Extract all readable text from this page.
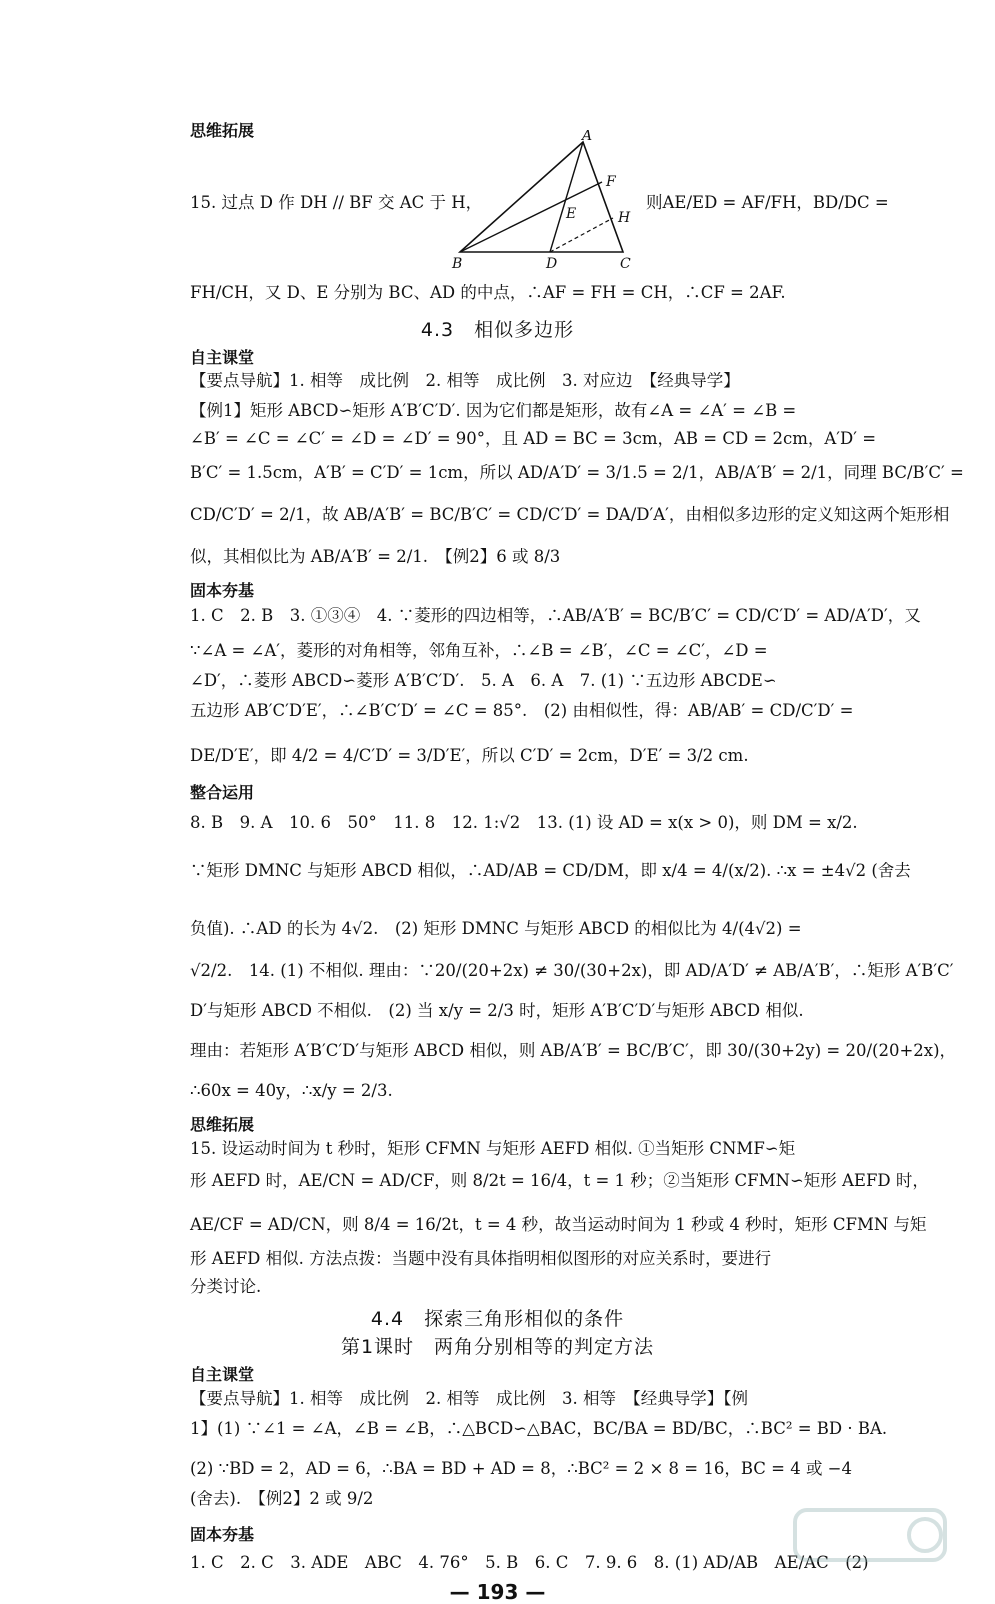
思维拓展
15. 过点 D 作 DH // BF 交 AC 于 H，	则AE/ED = AF/FH，BD/DC =
A
F
E	H
B	D	C
FH/CH，又 D、E 分别为 BC、AD 的中点，∴AF = FH = CH，∴CF = 2AF.
4.3　相似多边形
自主课堂
【要点导航】1. 相等　成比例　2. 相等　成比例　3. 对应边　【经典导学】
【例1】矩形 ABCD∽矩形 A′B′C′D′. 因为它们都是矩形，故有∠A = ∠A′ = ∠B =
∠B′ = ∠C = ∠C′ = ∠D = ∠D′ = 90°，且 AD = BC = 3cm，AB = CD = 2cm，A′D′ =
B′C′ = 1.5cm，A′B′ = C′D′ = 1cm，所以 AD/A′D′ = 3/1.5 = 2/1，AB/A′B′ = 2/1，同理 BC/B′C′ =
CD/C′D′ = 2/1，故 AB/A′B′ = BC/B′C′ = CD/C′D′ = DA/D′A′，由相似多边形的定义知这两个矩形相
似，其相似比为 AB/A′B′ = 2/1.　【例2】6 或 8/3
固本夯基
1. C　2. B　3. ①③④　4. ∵菱形的四边相等，∴AB/A′B′ = BC/B′C′ = CD/C′D′ = AD/A′D′，又
∵∠A = ∠A′，菱形的对角相等，邻角互补，∴∠B = ∠B′，∠C = ∠C′，∠D =
∠D′，∴菱形 ABCD∽菱形 A′B′C′D′.　5. A　6. A　7. (1) ∵五边形 ABCDE∽
五边形 AB′C′D′E′，∴∠B′C′D′ = ∠C = 85°.　(2) 由相似性，得：AB/AB′ = CD/C′D′ =
DE/D′E′，即 4/2 = 4/C′D′ = 3/D′E′，所以 C′D′ = 2cm，D′E′ = 3/2 cm.
整合运用
8. B　9. A　10. 6　50°　11. 8　12. 1:√2　13. (1) 设 AD = x(x > 0)，则 DM = x/2.
∵矩形 DMNC 与矩形 ABCD 相似，∴AD/AB = CD/DM，即 x/4 = 4/(x/2). ∴x = ±4√2 (舍去
负值). ∴AD 的长为 4√2.　(2) 矩形 DMNC 与矩形 ABCD 的相似比为 4/(4√2) =
√2/2.　14. (1) 不相似. 理由：∵20/(20+2x) ≠ 30/(30+2x)，即 AD/A′D′ ≠ AB/A′B′，∴矩形 A′B′C′
D′与矩形 ABCD 不相似.　(2) 当 x/y = 2/3 时，矩形 A′B′C′D′与矩形 ABCD 相似.
理由：若矩形 A′B′C′D′与矩形 ABCD 相似，则 AB/A′B′ = BC/B′C′，即 30/(30+2y) = 20/(20+2x)，
∴60x = 40y，∴x/y = 2/3.
思维拓展
15. 设运动时间为 t 秒时，矩形 CFMN 与矩形 AEFD 相似. ①当矩形 CNMF∽矩
形 AEFD 时，AE/CN = AD/CF，则 8/2t = 16/4，t = 1 秒；②当矩形 CFMN∽矩形 AEFD 时，
AE/CF = AD/CN，则 8/4 = 16/2t，t = 4 秒，故当运动时间为 1 秒或 4 秒时，矩形 CFMN 与矩
形 AEFD 相似. 方法点拨：当题中没有具体指明相似图形的对应关系时，要进行
分类讨论.
4.4　探索三角形相似的条件
第1课时　两角分别相等的判定方法
自主课堂
【要点导航】1. 相等　成比例　2. 相等　成比例　3. 相等　【经典导学】【例
1】(1) ∵∠1 = ∠A，∠B = ∠B，∴△BCD∽△BAC，BC/BA = BD/BC，∴BC² = BD · BA.
(2) ∵BD = 2，AD = 6，∴BA = BD + AD = 8，∴BC² = 2 × 8 = 16，BC = 4 或 −4
(舍去).　【例2】2 或 9/2
固本夯基
1. C　2. C　3. ADE　ABC　4. 76°　5. B　6. C　7. 9. 6　8. (1) AD/AB　AE/AC　(2)
— 193 —
